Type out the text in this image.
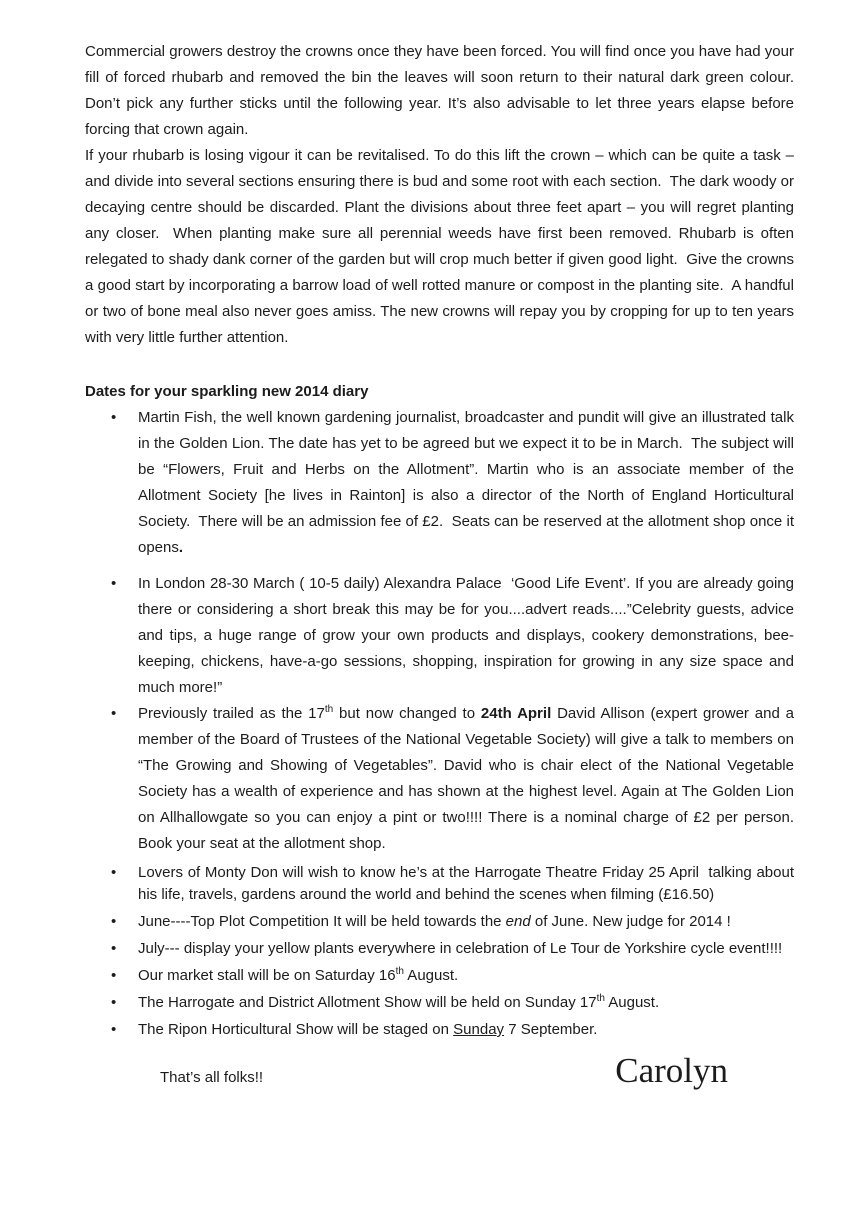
Commercial growers destroy the crowns once they have been forced. You will find once you have had your fill of forced rhubarb and removed the bin the leaves will soon return to their natural dark green colour.  Don’t pick any further sticks until the following year. It’s also advisable to let three years elapse before forcing that crown again.

If your rhubarb is losing vigour it can be revitalised. To do this lift the crown – which can be quite a task – and divide into several sections ensuring there is bud and some root with each section.  The dark woody or decaying centre should be discarded. Plant the divisions about three feet apart – you will regret planting any closer.  When planting make sure all perennial weeds have first been removed. Rhubarb is often relegated to shady dank corner of the garden but will crop much better if given good light.  Give the crowns a good start by incorporating a barrow load of well rotted manure or compost in the planting site.  A handful or two of bone meal also never goes amiss. The new crowns will repay you by cropping for up to ten years with very little further attention.

Dates for your sparkling new 2014 diary
• Martin Fish, the well known gardening journalist, broadcaster and pundit will give an illustrated talk in the Golden Lion. The date has yet to be agreed but we expect it to be in March.  The subject will be “Flowers, Fruit and Herbs on the Allotment”. Martin who is an associate member of the Allotment Society [he lives in Rainton] is also a director of the North of England Horticultural Society.  There will be an admission fee of £2.  Seats can be reserved at the allotment shop once it opens.
• In London 28-30 March ( 10-5 daily) Alexandra Palace  ‘Good Life Event’. If you are already going there or considering a short break this may be for you....advert reads....”Celebrity guests, advice and tips, a huge range of grow your own products and displays, cookery demonstrations, bee-keeping, chickens, have-a-go sessions, shopping, inspiration for growing in any size space and much more!”
• Previously trailed as the 17th but now changed to 24th April David Allison (expert grower and a member of the Board of Trustees of the National Vegetable Society) will give a talk to members on “The Growing and Showing of Vegetables”. David who is chair elect of the National Vegetable Society has a wealth of experience and has shown at the highest level. Again at The Golden Lion on Allhallowgate so you can enjoy a pint or two!!!! There is a nominal charge of £2 per person.   Book your seat at the allotment shop.
• Lovers of Monty Don will wish to know he’s at the Harrogate Theatre Friday 25 April  talking about his life, travels, gardens around the world and behind the scenes when filming (£16.50)
• June----Top Plot Competition It will be held towards the end of June. New judge for 2014 !
• July--- display your yellow plants everywhere in celebration of Le Tour de Yorkshire cycle event!!!!
• Our market stall will be on Saturday 16th August.
• The Harrogate and District Allotment Show will be held on Sunday 17th August.
• The Ripon Horticultural Show will be staged on Sunday 7 September.
That’s all folks!!	Carolyn
